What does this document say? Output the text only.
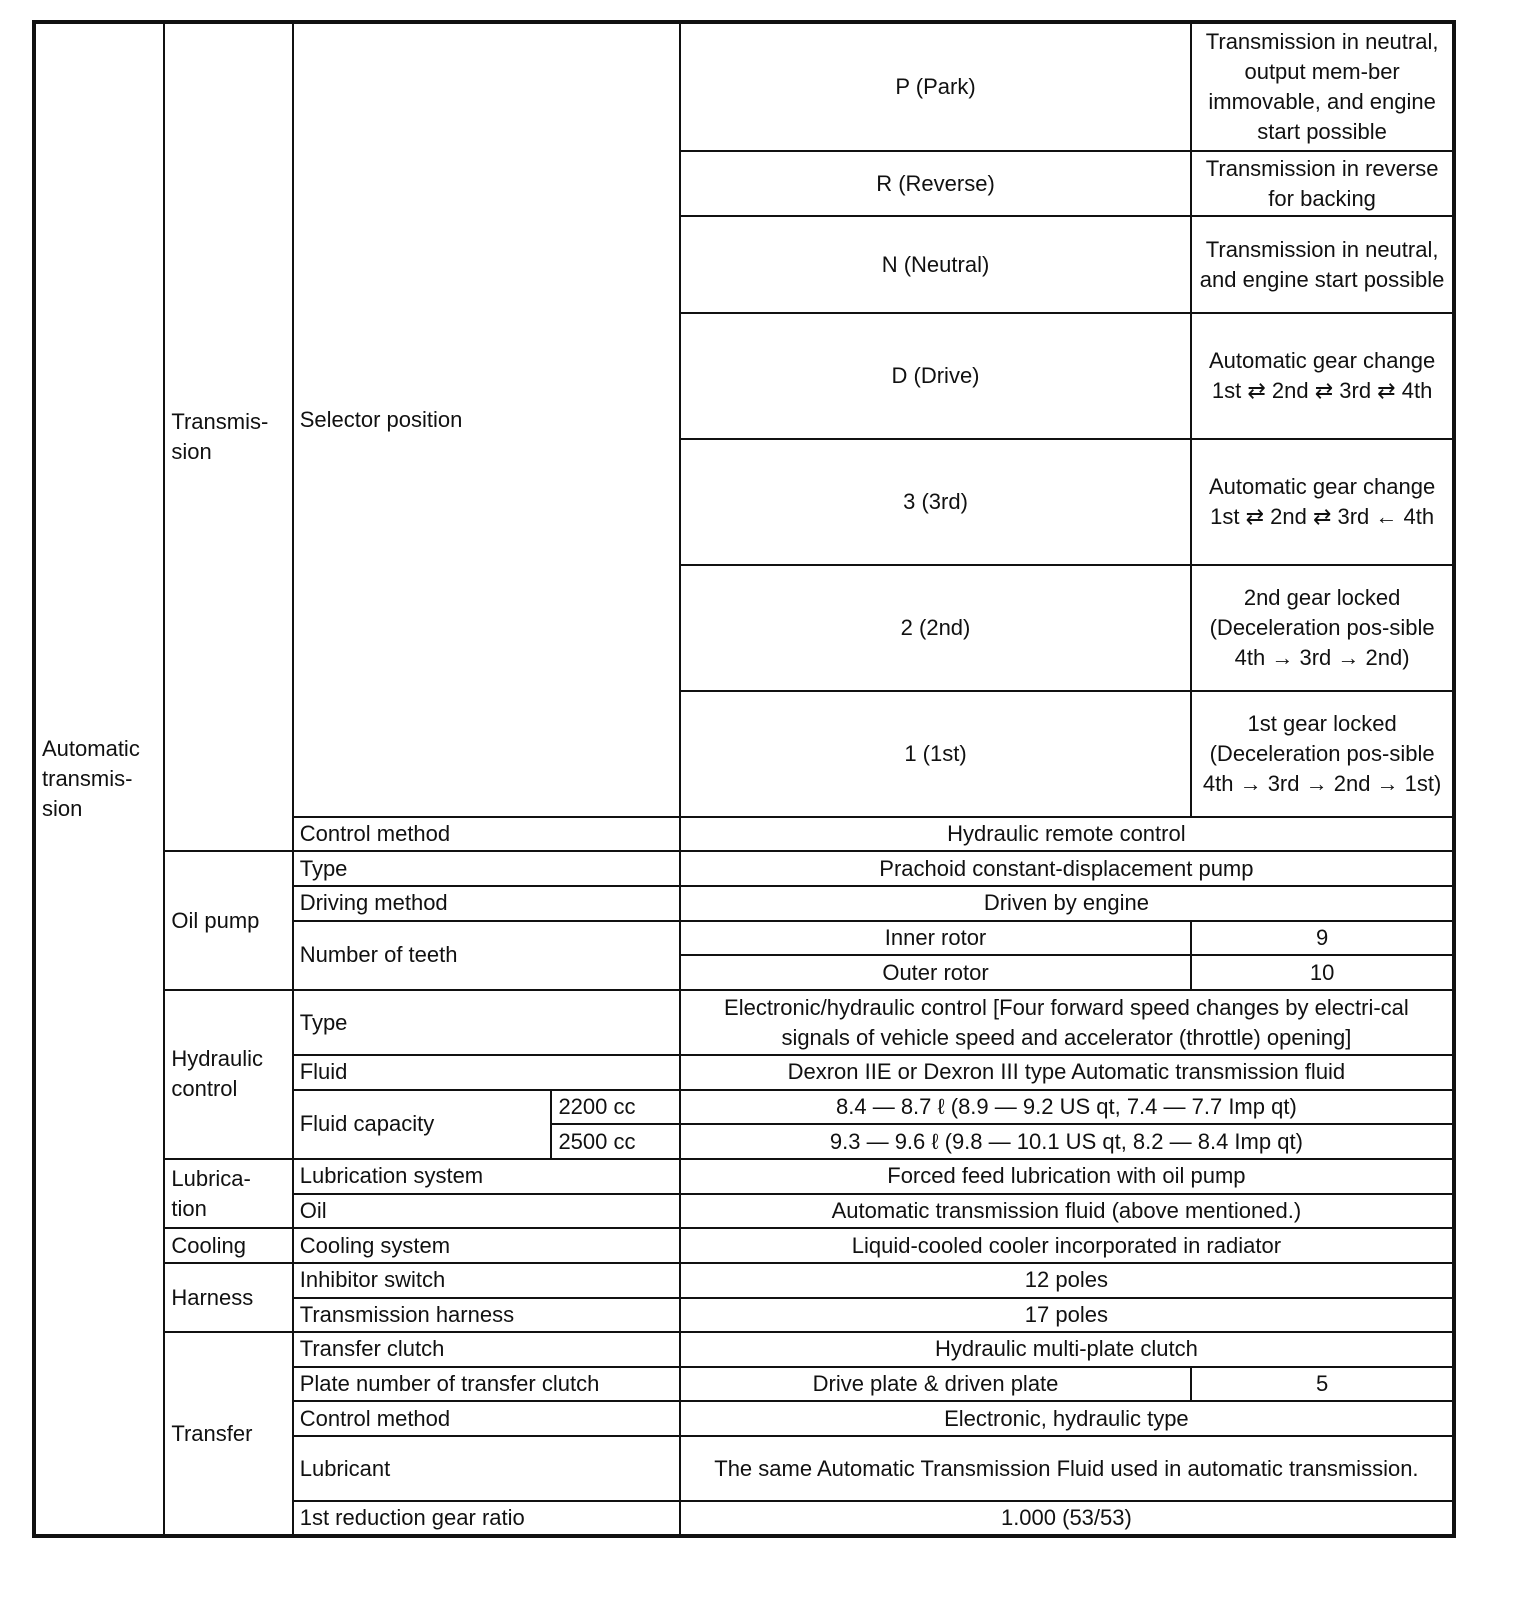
Automatic transmis-sion	Transmis-sion	Selector position		P (Park)	Transmission in neutral, output mem-ber immovable, and engine start possible
				R (Reverse)	Transmission in reverse for backing
				N (Neutral)	Transmission in neutral, and engine start possible
				D (Drive)	Automatic gear change 1st ⇄ 2nd ⇄ 3rd ⇄ 4th
				3 (3rd)	Automatic gear change 1st ⇄ 2nd ⇄ 3rd ← 4th
				2 (2nd)	2nd gear locked (Deceleration pos-sible 4th → 3rd → 2nd)
				1 (1st)	1st gear locked (Deceleration pos-sible 4th → 3rd → 2nd → 1st)
		Control method		Hydraulic remote control	
	Oil pump	Type		Prachoid constant-displacement pump	
		Driving method		Driven by engine	
		Number of teeth		Inner rotor	9
				Outer rotor	10
	Hydraulic control	Type		Electronic/hydraulic control [Four forward speed changes by electri-cal signals of vehicle speed and accelerator (throttle) opening]	
		Fluid		Dexron IIE or Dexron III type Automatic transmission fluid	
		Fluid capacity	2200 cc	8.4 — 8.7 ℓ (8.9 — 9.2 US qt, 7.4 — 7.7 Imp qt)	
			2500 cc	9.3 — 9.6 ℓ (9.8 — 10.1 US qt, 8.2 — 8.4 Imp qt)	
	Lubrica-tion	Lubrication system		Forced feed lubrication with oil pump	
		Oil		Automatic transmission fluid (above mentioned.)	
	Cooling	Cooling system		Liquid-cooled cooler incorporated in radiator	
	Harness	Inhibitor switch		12 poles	
		Transmission harness		17 poles	
	Transfer	Transfer clutch		Hydraulic multi-plate clutch	
		Plate number of transfer clutch		Drive plate & driven plate	5
		Control method		Electronic, hydraulic type	
		Lubricant		The same Automatic Transmission Fluid used in automatic transmission.	
		1st reduction gear ratio		1.000 (53/53)	
